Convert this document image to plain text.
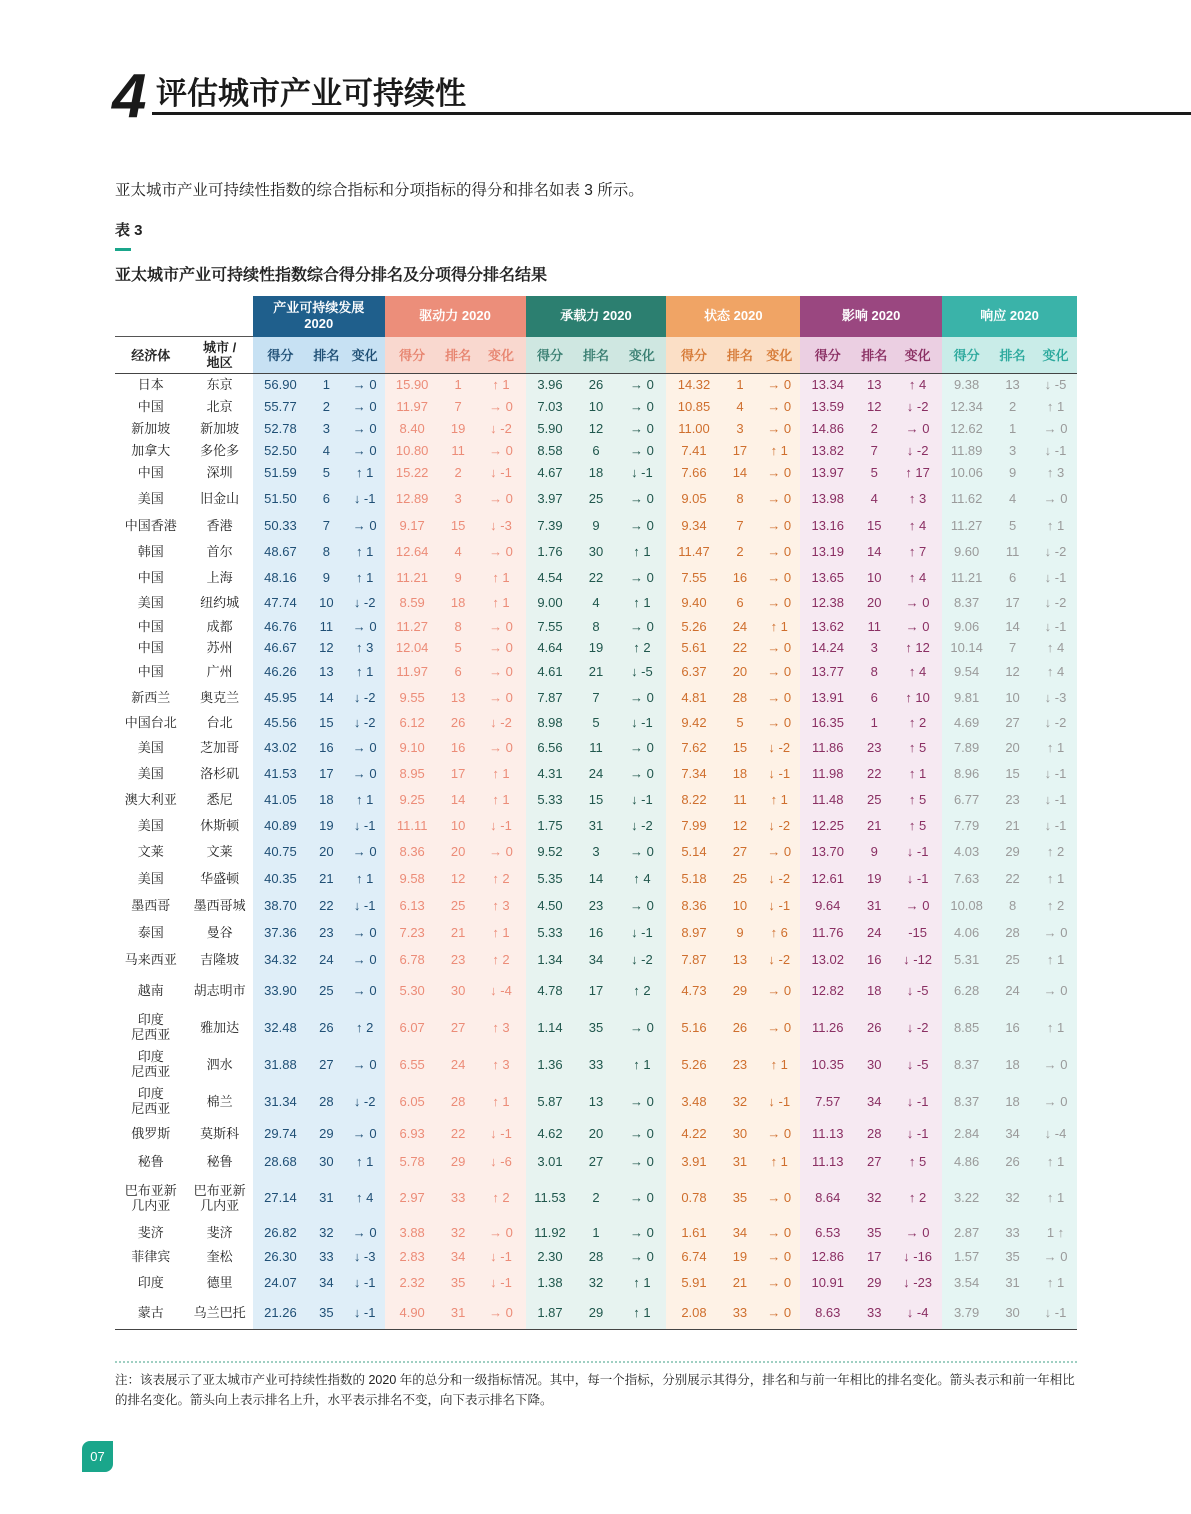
4 评估城市产业可持续性
亚太城市产业可持续性指数的综合指标和分项指标的得分和排名如表 3 所示。
表 3
亚太城市产业可持续性指数综合得分排名及分项得分排名结果
		产业可持续发展
2020			驱动力 2020			承载力 2020			状态 2020			影响 2020			响应 2020		
经济体	城市 /
地区	得分	排名	变化	得分	排名	变化	得分	排名	变化	得分	排名	变化	得分	排名	变化	得分	排名	变化

日本	东京	56.90	1	→ 0	15.90	1	↑ 1	3.96	26	→ 0	14.32	1	→ 0	13.34	13	↑ 4	9.38	13	↓ -5

中国	北京	55.77	2	→ 0	11.97	7	→ 0	7.03	10	→ 0	10.85	4	→ 0	13.59	12	↓ -2	12.34	2	↑ 1

新加坡	新加坡	52.78	3	→ 0	8.40	19	↓ -2	5.90	12	→ 0	11.00	3	→ 0	14.86	2	→ 0	12.62	1	→ 0

加拿大	多伦多	52.50	4	→ 0	10.80	11	→ 0	8.58	6	→ 0	7.41	17	↑ 1	13.82	7	↓ -2	11.89	3	↓ -1

中国	深圳	51.59	5	↑ 1	15.22	2	↓ -1	4.67	18	↓ -1	7.66	14	→ 0	13.97	5	↑ 17	10.06	9	↑ 3

美国	旧金山	51.50	6	↓ -1	12.89	3	→ 0	3.97	25	→ 0	9.05	8	→ 0	13.98	4	↑ 3	11.62	4	→ 0

中国香港	香港	50.33	7	→ 0	9.17	15	↓ -3	7.39	9	→ 0	9.34	7	→ 0	13.16	15	↑ 4	11.27	5	↑ 1

韩国	首尔	48.67	8	↑ 1	12.64	4	→ 0	1.76	30	↑ 1	11.47	2	→ 0	13.19	14	↑ 7	9.60	11	↓ -2

中国	上海	48.16	9	↑ 1	11.21	9	↑ 1	4.54	22	→ 0	7.55	16	→ 0	13.65	10	↑ 4	11.21	6	↓ -1

美国	纽约城	47.74	10	↓ -2	8.59	18	↑ 1	9.00	4	↑ 1	9.40	6	→ 0	12.38	20	→ 0	8.37	17	↓ -2

中国	成都	46.76	11	→ 0	11.27	8	→ 0	7.55	8	→ 0	5.26	24	↑ 1	13.62	11	→ 0	9.06	14	↓ -1

中国	苏州	46.67	12	↑ 3	12.04	5	→ 0	4.64	19	↑ 2	5.61	22	→ 0	14.24	3	↑ 12	10.14	7	↑ 4

中国	广州	46.26	13	↑ 1	11.97	6	→ 0	4.61	21	↓ -5	6.37	20	→ 0	13.77	8	↑ 4	9.54	12	↑ 4

新西兰	奥克兰	45.95	14	↓ -2	9.55	13	→ 0	7.87	7	→ 0	4.81	28	→ 0	13.91	6	↑ 10	9.81	10	↓ -3

中国台北	台北	45.56	15	↓ -2	6.12	26	↓ -2	8.98	5	↓ -1	9.42	5	→ 0	16.35	1	↑ 2	4.69	27	↓ -2

美国	芝加哥	43.02	16	→ 0	9.10	16	→ 0	6.56	11	→ 0	7.62	15	↓ -2	11.86	23	↑ 5	7.89	20	↑ 1

美国	洛杉矶	41.53	17	→ 0	8.95	17	↑ 1	4.31	24	→ 0	7.34	18	↓ -1	11.98	22	↑ 1	8.96	15	↓ -1

澳大利亚	悉尼	41.05	18	↑ 1	9.25	14	↑ 1	5.33	15	↓ -1	8.22	11	↑ 1	11.48	25	↑ 5	6.77	23	↓ -1

美国	休斯顿	40.89	19	↓ -1	11.11	10	↓ -1	1.75	31	↓ -2	7.99	12	↓ -2	12.25	21	↑ 5	7.79	21	↓ -1

文莱	文莱	40.75	20	→ 0	8.36	20	→ 0	9.52	3	→ 0	5.14	27	→ 0	13.70	9	↓ -1	4.03	29	↑ 2

美国	华盛顿	40.35	21	↑ 1	9.58	12	↑ 2	5.35	14	↑ 4	5.18	25	↓ -2	12.61	19	↓ -1	7.63	22	↑ 1

墨西哥	墨西哥城	38.70	22	↓ -1	6.13	25	↑ 3	4.50	23	→ 0	8.36	10	↓ -1	9.64	31	→ 0	10.08	8	↑ 2

泰国	曼谷	37.36	23	→ 0	7.23	21	↑ 1	5.33	16	↓ -1	8.97	9	↑ 6	11.76	24	-15	4.06	28	→ 0

马来西亚	吉隆坡	34.32	24	→ 0	6.78	23	↑ 2	1.34	34	↓ -2	7.87	13	↓ -2	13.02	16	↓ -12	5.31	25	↑ 1

越南	胡志明市	33.90	25	→ 0	5.30	30	↓ -4	4.78	17	↑ 2	4.73	29	→ 0	12.82	18	↓ -5	6.28	24	→ 0

印度
尼西亚	雅加达	32.48	26	↑ 2	6.07	27	↑ 3	1.14	35	→ 0	5.16	26	→ 0	11.26	26	↓ -2	8.85	16	↑ 1

印度
尼西亚	泗水	31.88	27	→ 0	6.55	24	↑ 3	1.36	33	↑ 1	5.26	23	↑ 1	10.35	30	↓ -5	8.37	18	→ 0

印度
尼西亚	棉兰	31.34	28	↓ -2	6.05	28	↑ 1	5.87	13	→ 0	3.48	32	↓ -1	7.57	34	↓ -1	8.37	18	→ 0

俄罗斯	莫斯科	29.74	29	→ 0	6.93	22	↓ -1	4.62	20	→ 0	4.22	30	→ 0	11.13	28	↓ -1	2.84	34	↓ -4

秘鲁	秘鲁	28.68	30	↑ 1	5.78	29	↓ -6	3.01	27	→ 0	3.91	31	↑ 1	11.13	27	↑ 5	4.86	26	↑ 1

巴布亚新
几内亚	巴布亚新
几内亚	27.14	31	↑ 4	2.97	33	↑ 2	11.53	2	→ 0	0.78	35	→ 0	8.64	32	↑ 2	3.22	32	↑ 1

斐济	斐济	26.82	32	→ 0	3.88	32	→ 0	11.92	1	→ 0	1.61	34	→ 0	6.53	35	→ 0	2.87	33	1 ↑

菲律宾	奎松	26.30	33	↓ -3	2.83	34	↓ -1	2.30	28	→ 0	6.74	19	→ 0	12.86	17	↓ -16	1.57	35	→ 0

印度	德里	24.07	34	↓ -1	2.32	35	↓ -1	1.38	32	↑ 1	5.91	21	→ 0	10.91	29	↓ -23	3.54	31	↑ 1

蒙古	乌兰巴托	21.26	35	↓ -1	4.90	31	→ 0	1.87	29	↑ 1	2.08	33	→ 0	8.63	33	↓ -4	3.79	30	↓ -1
注：该表展示了亚太城市产业可持续性指数的 2020 年的总分和一级指标情况。其中，每一个指标，分别展示其得分，排名和与前一年相比的排名变化。箭头表示和前一年相比的排名变化。箭头向上表示排名上升，水平表示排名不变，向下表示排名下降。
07
